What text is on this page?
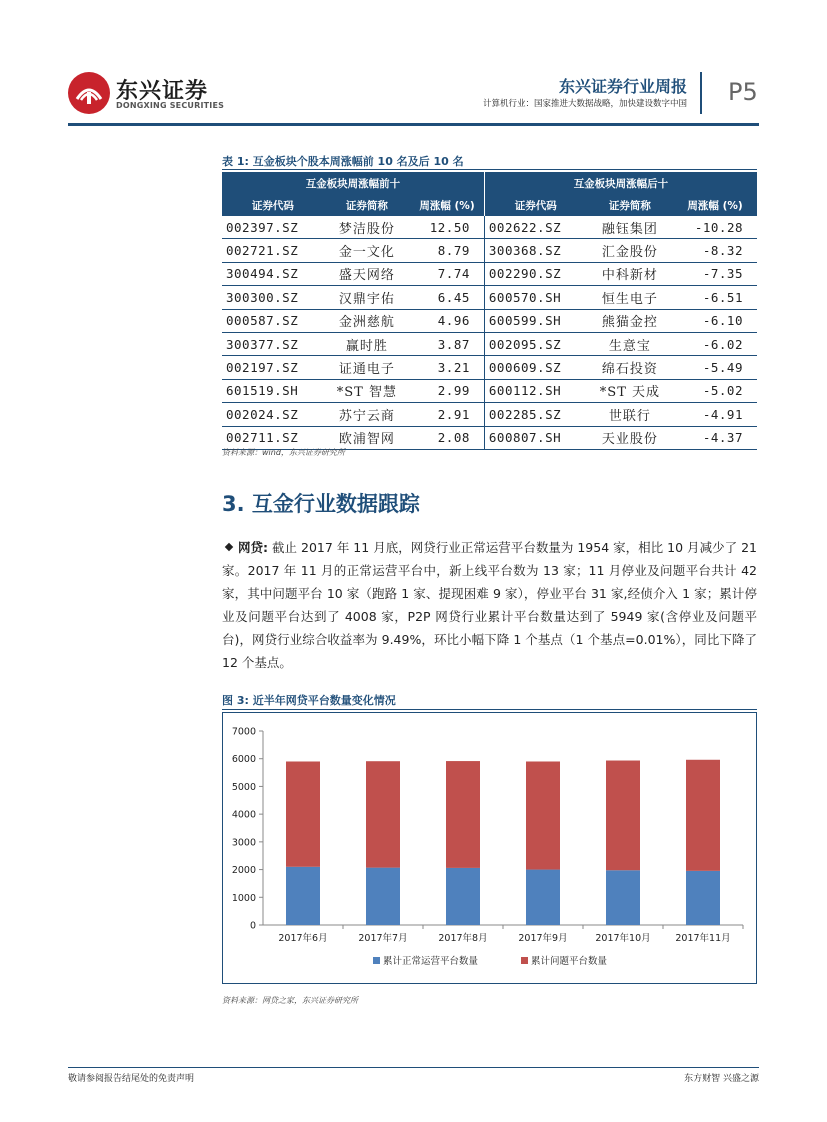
东兴证券
DONGXING SECURITIES
东兴证券行业周报
计算机行业：国家推进大数据战略，加快建设数字中国 P5
表 1: 互金板块个股本周涨幅前 10 名及后 10 名
互金板块周涨幅前十			互金板块周涨幅后十		
证券代码	证券简称	周涨幅 (%)	证券代码	证券简称	周涨幅 (%)
002397.SZ	梦洁股份	12.50	002622.SZ	融钰集团	-10.28
002721.SZ	金一文化	8.79	300368.SZ	汇金股份	-8.32
300494.SZ	盛天网络	7.74	002290.SZ	中科新材	-7.35
300300.SZ	汉鼎宇佑	6.45	600570.SH	恒生电子	-6.51
000587.SZ	金洲慈航	4.96	600599.SH	熊猫金控	-6.10
300377.SZ	赢时胜	3.87	002095.SZ	生意宝	-6.02
002197.SZ	证通电子	3.21	000609.SZ	绵石投资	-5.49
601519.SH	*ST 智慧	2.99	600112.SH	*ST 天成	-5.02
002024.SZ	苏宁云商	2.91	002285.SZ	世联行	-4.91
002711.SZ	欧浦智网	2.08	600807.SH	天业股份	-4.37
资料来源：wind，东兴证券研究所
3. 互金行业数据跟踪
网贷: 截止 2017 年 11 月底，网贷行业正常运营平台数量为 1954 家，相比 10 月减少了 21 家。2017 年 11 月的正常运营平台中，新上线平台数为 13 家；11 月停业及问题平台共计 42 家，其中问题平台 10 家（跑路 1 家、提现困难 9 家），停业平台 31 家,经侦介入 1 家；累计停业及问题平台达到了 4008 家，P2P 网贷行业累计平台数量达到了 5949 家(含停业及问题平台)，网贷行业综合收益率为 9.49%，环比小幅下降 1 个基点（1 个基点=0.01%），同比下降了 12 个基点。
图 3: 近半年网贷平台数量变化情况
0
1000
2000
3000
4000
5000
6000
7000
2017年6月	2017年7月	2017年8月	2017年9月	2017年10月	2017年11月
累计正常运营平台数量	累计问题平台数量
资料来源：网贷之家，东兴证券研究所
敬请参阅报告结尾处的免责声明	东方财智 兴盛之源
